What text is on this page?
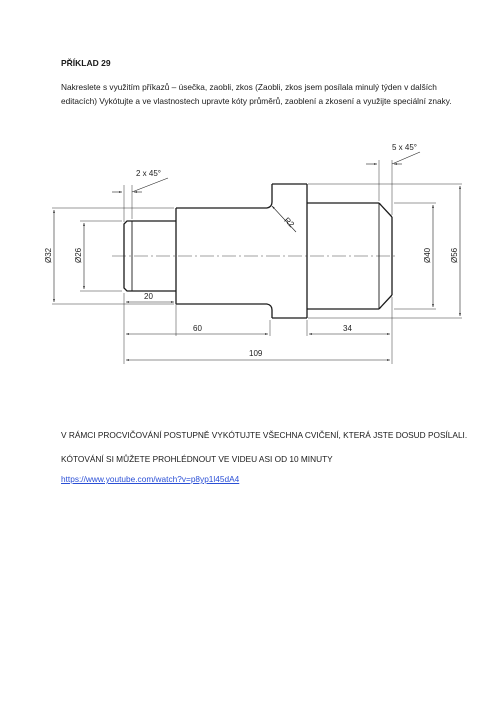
PŘÍKLAD 29
Nakreslete s využitím příkazů – úsečka, zaobli, zkos (Zaobli, zkos jsem posílala minulý týden v dalších editacích) Vykótujte a ve vlastnostech upravte kóty průměrů, zaoblení a zkosení a využijte speciální znaky.
2 x 45°
5 x 45°
R2
Ø32	Ø26	Ø40 Ø56
20
60	34
109
V RÁMCI PROCVIČOVÁNÍ POSTUPNĚ VYKÓTUJTE VŠECHNA CVIČENÍ, KTERÁ JSTE DOSUD POSÍLALI.
KÓTOVÁNÍ SI MŮŽETE PROHLÉDNOUT VE VIDEU ASI OD 10 MINUTY
https://www.youtube.com/watch?v=p8yp1l45dA4
